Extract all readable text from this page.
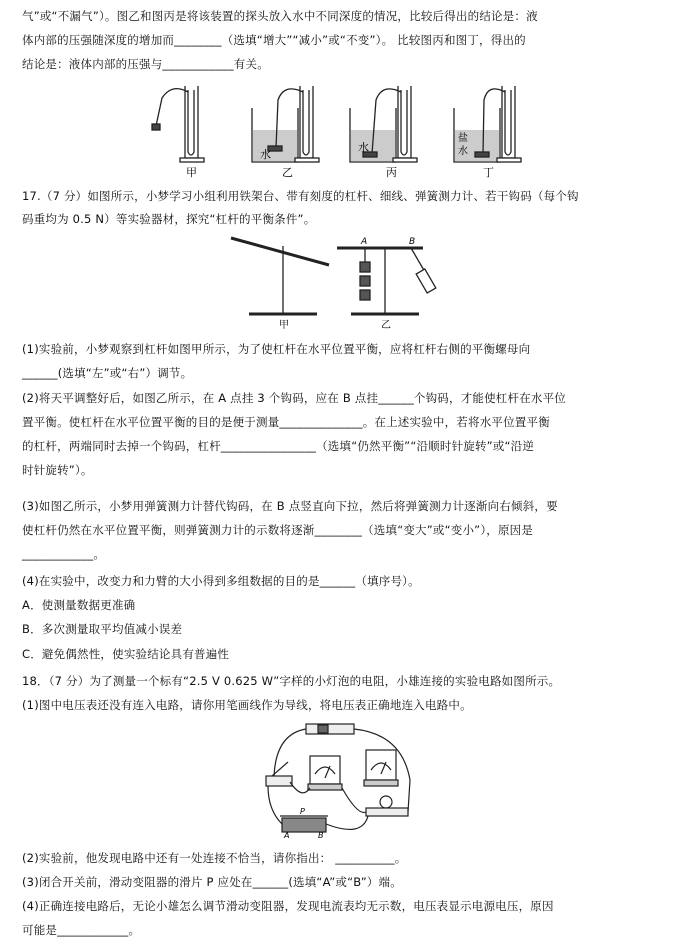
气”或“不漏气”）。图乙和图丙是将该装置的探头放入水中不同深度的情况，比较后得出的结论是：液
体内部的压强随深度的增加而________（选填“增大”“减小”或“不变”）。 比较图丙和图丁，得出的
结论是：液体内部的压强与____________有关。
甲	乙	丙	丁
水
水
盐
水
17.（7 分）如图所示，小梦学习小组利用铁架台、带有刻度的杠杆、细线、弹簧测力计、若干钩码（每个钩
码重均为 0.5 N）等实验器材，探究“杠杆的平衡条件”。
A	B
甲	乙
(1)实验前，小梦观察到杠杆如图甲所示，为了使杠杆在水平位置平衡，应将杠杆右侧的平衡螺母向
______(选填“左”或“右”）调节。
(2)将天平调整好后，如图乙所示，在 A 点挂 3 个钩码，应在 B 点挂______个钩码，才能使杠杆在水平位
置平衡。使杠杆在水平位置平衡的目的是便于测量______________。在上述实验中，若将水平位置平衡
的杠杆，两端同时去掉一个钩码，杠杆________________（选填“仍然平衡”“沿顺时针旋转”或“沿逆
时针旋转”）。
(3)如图乙所示，小梦用弹簧测力计替代钩码，在 B 点竖直向下拉，然后将弹簧测力计逐渐向右倾斜，要
使杠杆仍然在水平位置平衡，则弹簧测力计的示数将逐渐________（选填“变大”或“变小”），原因是
____________。
(4)在实验中，改变力和力臂的大小得到多组数据的目的是______（填序号）。
A．使测量数据更准确
B．多次测量取平均值减小误差
C．避免偶然性，使实验结论具有普遍性
18．（7 分）为了测量一个标有“2.5 V 0.625 W”字样的小灯泡的电阻，小雄连接的实验电路如图所示。
(1)图中电压表还没有连入电路，请你用笔画线作为导线，将电压表正确地连入电路中。
P
A	B
(2)实验前，他发现电路中还有一处连接不恰当，请你指出： __________。
(3)闭合开关前，滑动变阻器的滑片 P 应处在______(选填“A”或“B”）端。
(4)正确连接电路后，无论小雄怎么调节滑动变阻器，发现电流表均无示数，电压表显示电源电压，原因
可能是____________。
